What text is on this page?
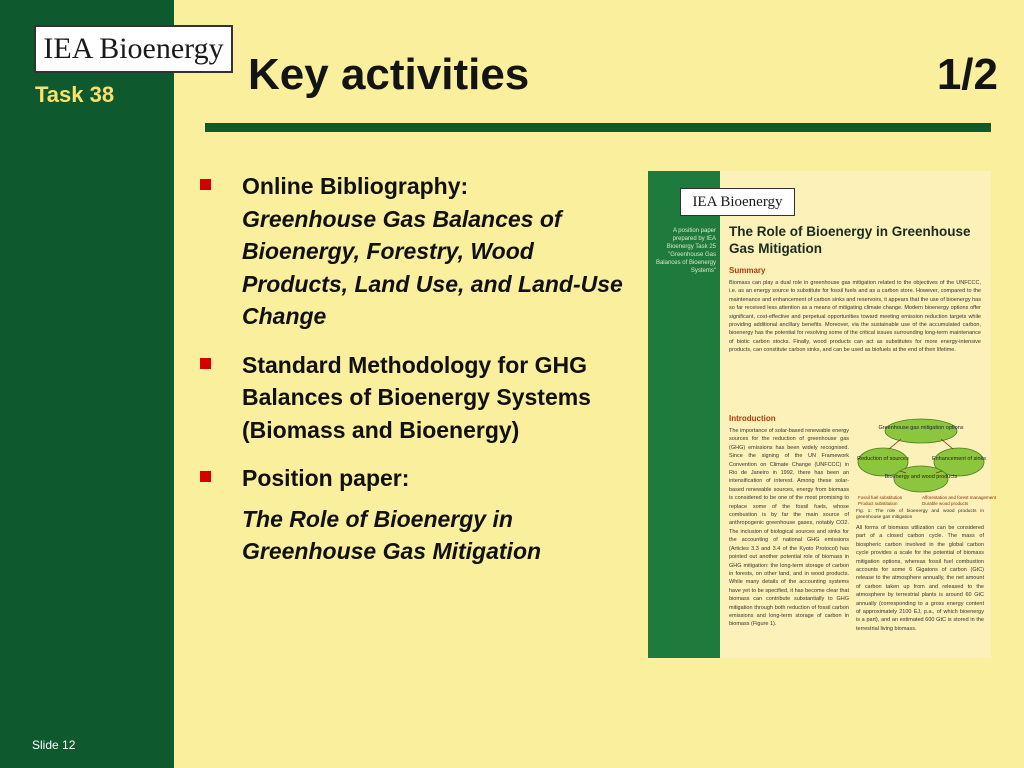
IEA Bioenergy
Task 38
Slide 12
Key activities	1/2
Online Bibliography:
Greenhouse Gas Balances of Bioenergy, Forestry, Wood Products, Land Use, and Land-Use Change
Standard Methodology for GHG Balances of Bioenergy Systems (Biomass and Bioenergy)
Position paper:
The Role of Bioenergy in Greenhouse Gas Mitigation
IEA Bioenergy
A position paper prepared by IEA Bioenergy Task 25 "Greenhouse Gas Balances of Bioenergy Systems"
The Role of Bioenergy in Greenhouse Gas Mitigation
Summary
Biomass can play a dual role in greenhouse gas mitigation related to the objectives of the UNFCCC, i.e. as an energy source to substitute for fossil fuels and as a carbon store. However, compared to the maintenance and enhancement of carbon sinks and reservoirs, it appears that the use of bioenergy has so far received less attention as a means of mitigating climate change. Modern bioenergy options offer significant, cost-effective and perpetual opportunities toward meeting emission reduction targets while providing additional ancillary benefits. Moreover, via the sustainable use of the accumulated carbon, bioenergy has the potential for resolving some of the critical issues surrounding long-term maintenance of biotic carbon stocks. Finally, wood products can act as substitutes for more energy-intensive products, can constitute carbon sinks, and can be used as biofuels at the end of their lifetime.
Introduction
The importance of solar-based renewable energy sources for the reduction of greenhouse gas (GHG) emissions has been widely recognised. Since the signing of the UN Framework Convention on Climate Change (UNFCCC) in Rio de Janeiro in 1992, there has been an intensification of interest. Among these solar-based renewable sources, energy from biomass is considered to be one of the most promising to replace some of the fossil fuels, whose combustion is by far the main source of anthropogenic greenhouse gases, notably CO2. The inclusion of biological sources and sinks for the accounting of national GHG emissions (Articles 3.3 and 3.4 of the Kyoto Protocol) has pointed out another potential role of biomass in GHG mitigation: the long-term storage of carbon in forests, on other land, and in wood products. While many details of the accounting systems have yet to be specified, it has become clear that biomass can contribute substantially to GHG mitigation through both reduction of fossil carbon emissions and long-term storage of carbon in biomass (Figure 1).
Greenhouse gas mitigation options
Reduction of sources	Enhancement of sinks
Bioenergy and wood products
Fossil fuel substitution
Product substitution
Afforestation and forest management
Durable wood products
Fig. 1: The role of bioenergy and wood products in greenhouse gas mitigation
All forms of biomass utilization can be considered part of a closed carbon cycle. The mass of biospheric carbon involved in the global carbon cycle provides a scale for the potential of biomass mitigation options, whereas fossil fuel combustion accounts for some 6 Gigatons of carbon (GtC) release to the atmosphere annually, the net amount of carbon taken up from and released to the atmosphere by terrestrial plants is around 60 GtC annually (corresponding to a gross energy content of approximately 2100 EJ, p.a., of which bioenergy is a part), and an estimated 600 GtC is stored in the terrestrial living biomass.
